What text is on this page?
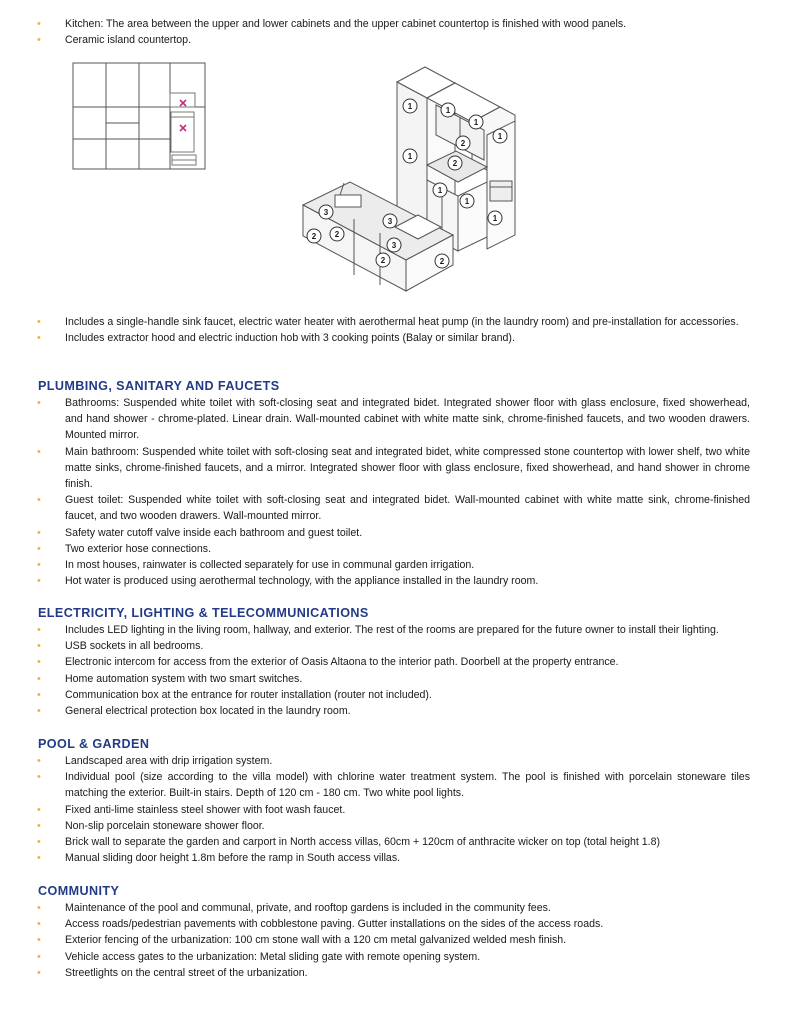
• Kitchen: The area between the upper and lower cabinets and the upper cabinet countertop is finished with wood panels.
• Ceramic island countertop.
1	1
1
1
2
1
2
1
1
1
3
3
2 2
3
2	2
• Includes a single-handle sink faucet, electric water heater with aerothermal heat pump (in the laundry room) and pre-installation for accessories.
• Includes extractor hood and electric induction hob with 3 cooking points (Balay or similar brand).
PLUMBING, SANITARY AND FAUCETS
• Bathrooms: Suspended white toilet with soft-closing seat and integrated bidet. Integrated shower floor with glass enclosure, fixed showerhead, and hand shower - chrome-plated. Linear drain. Wall-mounted cabinet with white matte sink, chrome-finished faucets, and two wooden drawers. Mounted mirror.
• Main bathroom: Suspended white toilet with soft-closing seat and integrated bidet, white compressed stone countertop with lower shelf, two white matte sinks, chrome-finished faucets, and a mirror. Integrated shower floor with glass enclosure, fixed showerhead, and hand shower in chrome finish.
• Guest toilet: Suspended white toilet with soft-closing seat and integrated bidet. Wall-mounted cabinet with white matte sink, chrome-finished faucet, and two wooden drawers. Wall-mounted mirror.
• Safety water cutoff valve inside each bathroom and guest toilet.
• Two exterior hose connections.
• In most houses, rainwater is collected separately for use in communal garden irrigation.
• Hot water is produced using aerothermal technology, with the appliance installed in the laundry room.
ELECTRICITY, LIGHTING & TELECOMMUNICATIONS
• Includes LED lighting in the living room, hallway, and exterior. The rest of the rooms are prepared for the future owner to install their lighting.
• USB sockets in all bedrooms.
• Electronic intercom for access from the exterior of Oasis Altaona to the interior path. Doorbell at the property entrance.
• Home automation system with two smart switches.
• Communication box at the entrance for router installation (router not included).
• General electrical protection box located in the laundry room.
POOL & GARDEN
• Landscaped area with drip irrigation system.
• Individual pool (size according to the villa model) with chlorine water treatment system. The pool is finished with porcelain stoneware tiles matching the exterior. Built-in stairs. Depth of 120 cm - 180 cm. Two white pool lights.
• Fixed anti-lime stainless steel shower with foot wash faucet.
• Non-slip porcelain stoneware shower floor.
• Brick wall to separate the garden and carport in North access villas, 60cm + 120cm of anthracite wicker on top (total height 1.8)
• Manual sliding door height 1.8m before the ramp in South access villas.
COMMUNITY
• Maintenance of the pool and communal, private, and rooftop gardens is included in the community fees.
• Access roads/pedestrian pavements with cobblestone paving. Gutter installations on the sides of the access roads.
• Exterior fencing of the urbanization: 100 cm stone wall with a 120 cm metal galvanized welded mesh finish.
• Vehicle access gates to the urbanization: Metal sliding gate with remote opening system.
• Streetlights on the central street of the urbanization.
